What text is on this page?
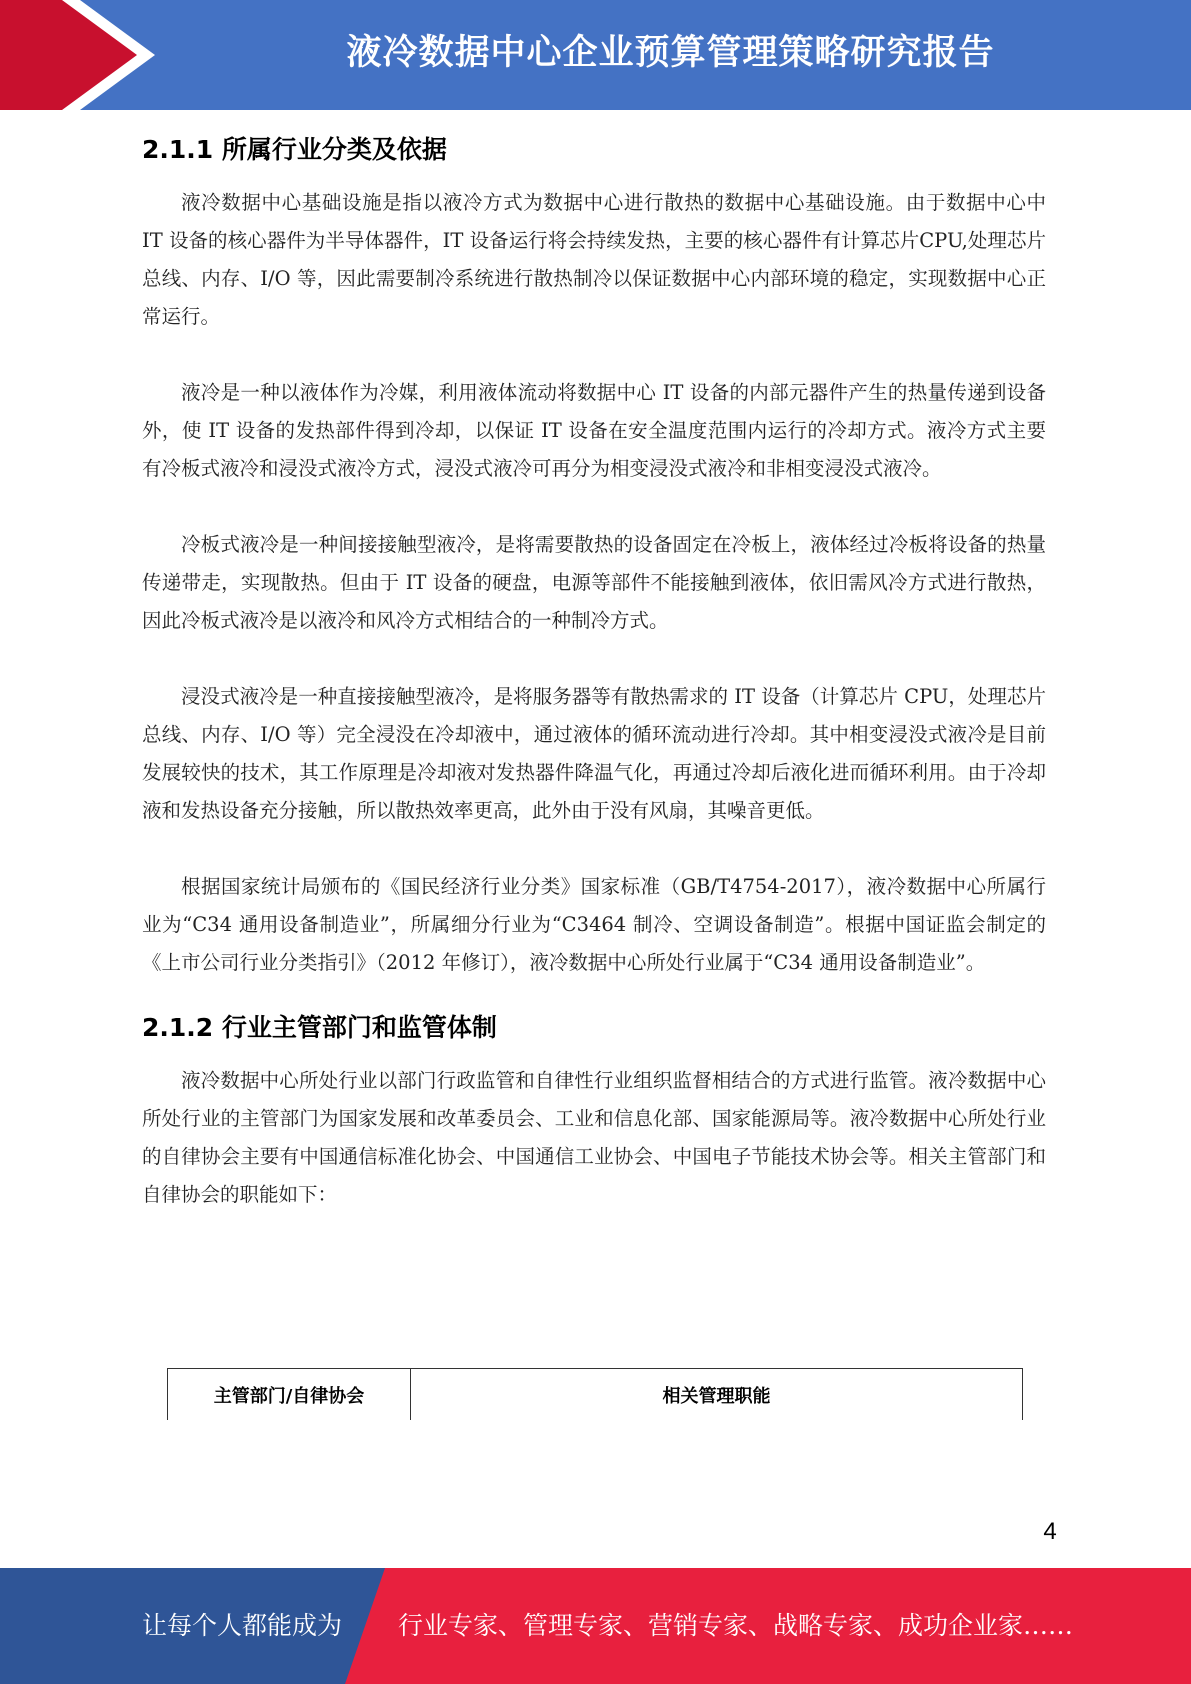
液冷数据中心企业预算管理策略研究报告
2.1.1 所属行业分类及依据

液冷数据中心基础设施是指以液冷方式为数据中心进行散热的数据中心基础设施。由于数据中心中 IT 设备的核心器件为半导体器件，IT 设备运行将会持续发热，主要的核心器件有计算芯片CPU,处理芯片总线、内存、I/O 等，因此需要制冷系统进行散热制冷以保证数据中心内部环境的稳定，实现数据中心正常运行。

液冷是一种以液体作为冷媒，利用液体流动将数据中心 IT 设备的内部元器件产生的热量传递到设备外，使 IT 设备的发热部件得到冷却，以保证 IT 设备在安全温度范围内运行的冷却方式。液冷方式主要有冷板式液冷和浸没式液冷方式，浸没式液冷可再分为相变浸没式液冷和非相变浸没式液冷。

冷板式液冷是一种间接接触型液冷，是将需要散热的设备固定在冷板上，液体经过冷板将设备的热量传递带走，实现散热。但由于 IT 设备的硬盘，电源等部件不能接触到液体，依旧需风冷方式进行散热，因此冷板式液冷是以液冷和风冷方式相结合的一种制冷方式。

浸没式液冷是一种直接接触型液冷，是将服务器等有散热需求的 IT 设备（计算芯片 CPU，处理芯片总线、内存、I/O 等）完全浸没在冷却液中，通过液体的循环流动进行冷却。其中相变浸没式液冷是目前发展较快的技术，其工作原理是冷却液对发热器件降温气化，再通过冷却后液化进而循环利用。由于冷却液和发热设备充分接触，所以散热效率更高，此外由于没有风扇，其噪音更低。

根据国家统计局颁布的《国民经济行业分类》国家标准（GB/T4754-2017），液冷数据中心所属行业为“C34 通用设备制造业”，所属细分行业为“C3464 制冷、空调设备制造”。根据中国证监会制定的《上市公司行业分类指引》（2012 年修订），液冷数据中心所处行业属于“C34 通用设备制造业”。

2.1.2 行业主管部门和监管体制

液冷数据中心所处行业以部门行政监管和自律性行业组织监督相结合的方式进行监管。液冷数据中心所处行业的主管部门为国家发展和改革委员会、工业和信息化部、国家能源局等。液冷数据中心所处行业的自律协会主要有中国通信标准化协会、中国通信工业协会、中国电子节能技术协会等。相关主管部门和自律协会的职能如下：

主管部门/自律协会	相关管理职能
4
让每个人都能成为 行业专家、管理专家、营销专家、战略专家、成功企业家……
